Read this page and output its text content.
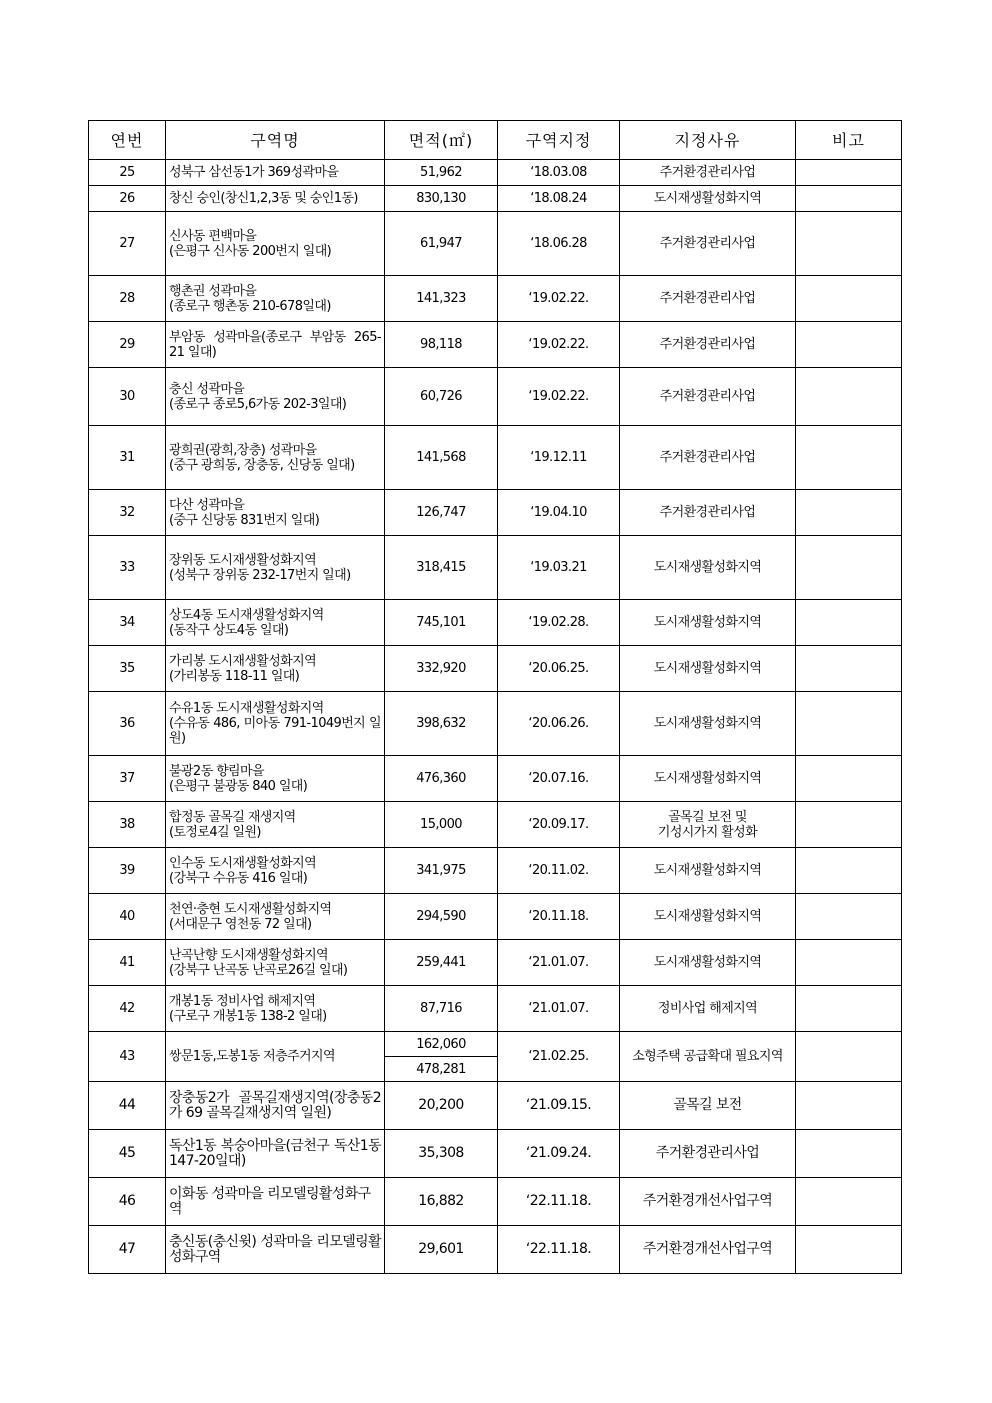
연번	구역명	면적(㎡)	구역지정	지정사유	비고
25	성북구 삼선동1가 369성곽마을	51,962	‘18.03.08	주거환경관리사업	

26	창신 숭인(창신1,2,3동 및 숭인1동)	830,130	‘18.08.24	도시재생활성화지역	

27	신사동 편백마을
(은평구 신사동 200번지 일대)	61,947	‘18.06.28	주거환경관리사업	

28	행촌권 성곽마을
(종로구 행촌동 210-678일대)	141,323	‘19.02.22.	주거환경관리사업	

29	부암동 성곽마을(종로구 부암동 265-21 일대)	98,118	‘19.02.22.	주거환경관리사업	

30	충신 성곽마을
(종로구 종로5,6가동 202-3일대)	60,726	‘19.02.22.	주거환경관리사업	

31	광희권(광희,장충) 성곽마을
(중구 광희동, 장충동, 신당동 일대)	141,568	‘19.12.11	주거환경관리사업	

32	다산 성곽마을
(중구 신당동 831번지 일대)	126,747	‘19.04.10	주거환경관리사업	

33	장위동 도시재생활성화지역
(성북구 장위동 232-17번지 일대)	318,415	‘19.03.21	도시재생활성화지역	

34	상도4동 도시재생활성화지역
(동작구 상도4동 일대)	745,101	‘19.02.28.	도시재생활성화지역	

35	가리봉 도시재생활성화지역
(가리봉동 118-11 일대)	332,920	‘20.06.25.	도시재생활성화지역	

36	수유1동 도시재생활성화지역
(수유동 486, 미아동 791-1049번지 일원)	398,632	‘20.06.26.	도시재생활성화지역	

37	불광2동 향림마을
(은평구 불광동 840 일대)	476,360	‘20.07.16.	도시재생활성화지역	

38	합정동 골목길 재생지역
(토정로4길 일원)	15,000	‘20.09.17.	골목길 보전 및
기성시가지 활성화	

39	인수동 도시재생활성화지역
(강북구 수유동 416 일대)	341,975	‘20.11.02.	도시재생활성화지역	

40	천연·충현 도시재생활성화지역
(서대문구 영천동 72 일대)	294,590	‘20.11.18.	도시재생활성화지역	

41	난곡난향 도시재생활성화지역
(강북구 난곡동 난곡로26길 일대)	259,441	‘21.01.07.	도시재생활성화지역	

42	개봉1동 정비사업 해제지역
(구로구 개봉1동 138-2 일대)	87,716	‘21.01.07.	정비사업 해제지역	

43	쌍문1동,도봉1동 저층주거지역	162,060	‘21.02.25.	소형주택 공급확대 필요지역	

		478,281			
44	장충동2가 골목길재생지역(장충동2가 69 골목길재생지역 일원)	20,200	‘21.09.15.	골목길 보전	

45	독산1동 복숭아마을(금천구 독산1동 147-20일대)	35,308	‘21.09.24.	주거환경관리사업	

46	이화동 성곽마을 리모델링활성화구역	16,882	‘22.11.18.	주거환경개선사업구역	

47	충신동(충신윗) 성곽마을 리모델링활성화구역	29,601	‘22.11.18.	주거환경개선사업구역	
